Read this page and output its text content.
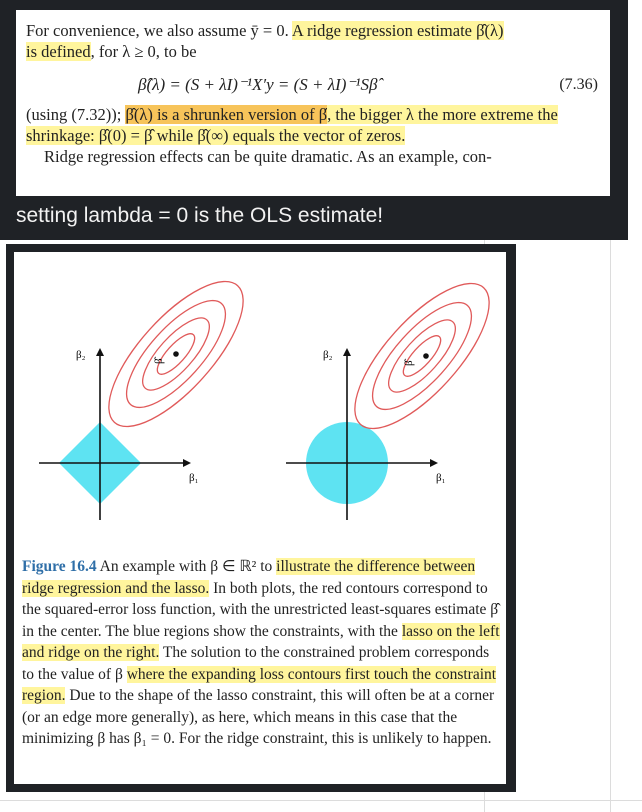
For convenience, we also assume ȳ = 0. A ridge regression estimate β̂(λ)
is defined, for λ ≥ 0, to be

β̂(λ) = (S + λI)⁻¹X′y = (S + λI)⁻¹Sβ̂	(7.36)

(using (7.32)); β̂(λ) is a shrunken version of β̂, the bigger λ the more extreme the shrinkage: β̂(0) = β̂ while β̂(∞) equals the vector of zeros.

Ridge regression effects can be quite dramatic. As an example, con-

setting lambda = 0 is the OLS estimate!
β̂
β₂
β₁
β̂
β₂
β₁

Figure 16.4 An example with β ∈ ℝ² to illustrate the difference between ridge regression and the lasso. In both plots, the red contours correspond to the squared-error loss function, with the unrestricted least-squares estimate β̂ in the center. The blue regions show the constraints, with the lasso on the left and ridge on the right. The solution to the constrained problem corresponds to the value of β where the expanding loss contours first touch the constraint region. Due to the shape of the lasso constraint, this will often be at a corner (or an edge more generally), as here, which means in this case that the minimizing β has β₁ = 0. For the ridge constraint, this is unlikely to happen.
